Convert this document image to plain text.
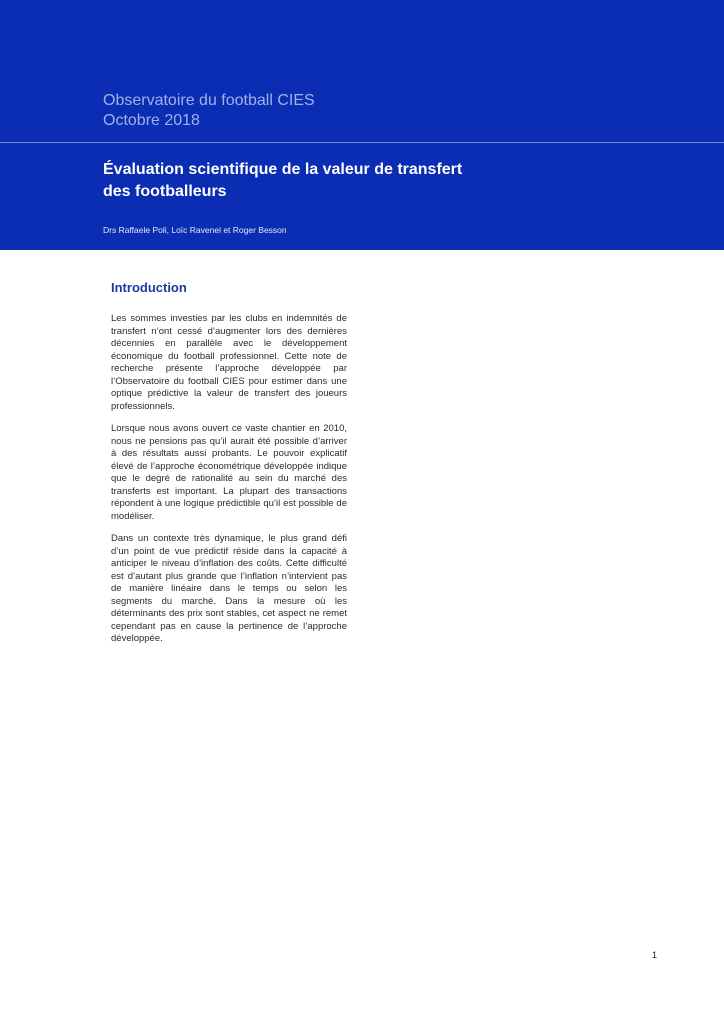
Observatoire du football CIES
Octobre 2018
Évaluation scientifique de la valeur de transfert
des footballeurs
Drs Raffaele Poli, Loïc Ravenel et Roger Besson
Introduction

Les sommes investies par les clubs en indemnités de transfert n’ont cessé d’augmenter lors des dernières décennies en parallèle avec le développement économique du football professionnel. Cette note de recherche présente l’approche développée par l’Observatoire du football CIES pour estimer dans une optique prédictive la valeur de transfert des joueurs professionnels.

Lorsque nous avons ouvert ce vaste chantier en 2010, nous ne pensions pas qu’il aurait été possible d’arriver à des résultats aussi probants. Le pouvoir explicatif élevé de l’approche économétrique développée indique que le degré de rationalité au sein du marché des transferts est important. La plupart des transactions répondent à une logique prédictible qu’il est possible de modéliser.

Dans un contexte très dynamique, le plus grand défi d’un point de vue prédictif réside dans la capacité à anticiper le niveau d’inflation des coûts. Cette difficulté est d’autant plus grande que l’inflation n’intervient pas de manière linéaire dans le temps ou selon les segments du marché. Dans la mesure où les déterminants des prix sont stables, cet aspect ne remet cependant pas en cause la pertinence de l’approche développée.

1
